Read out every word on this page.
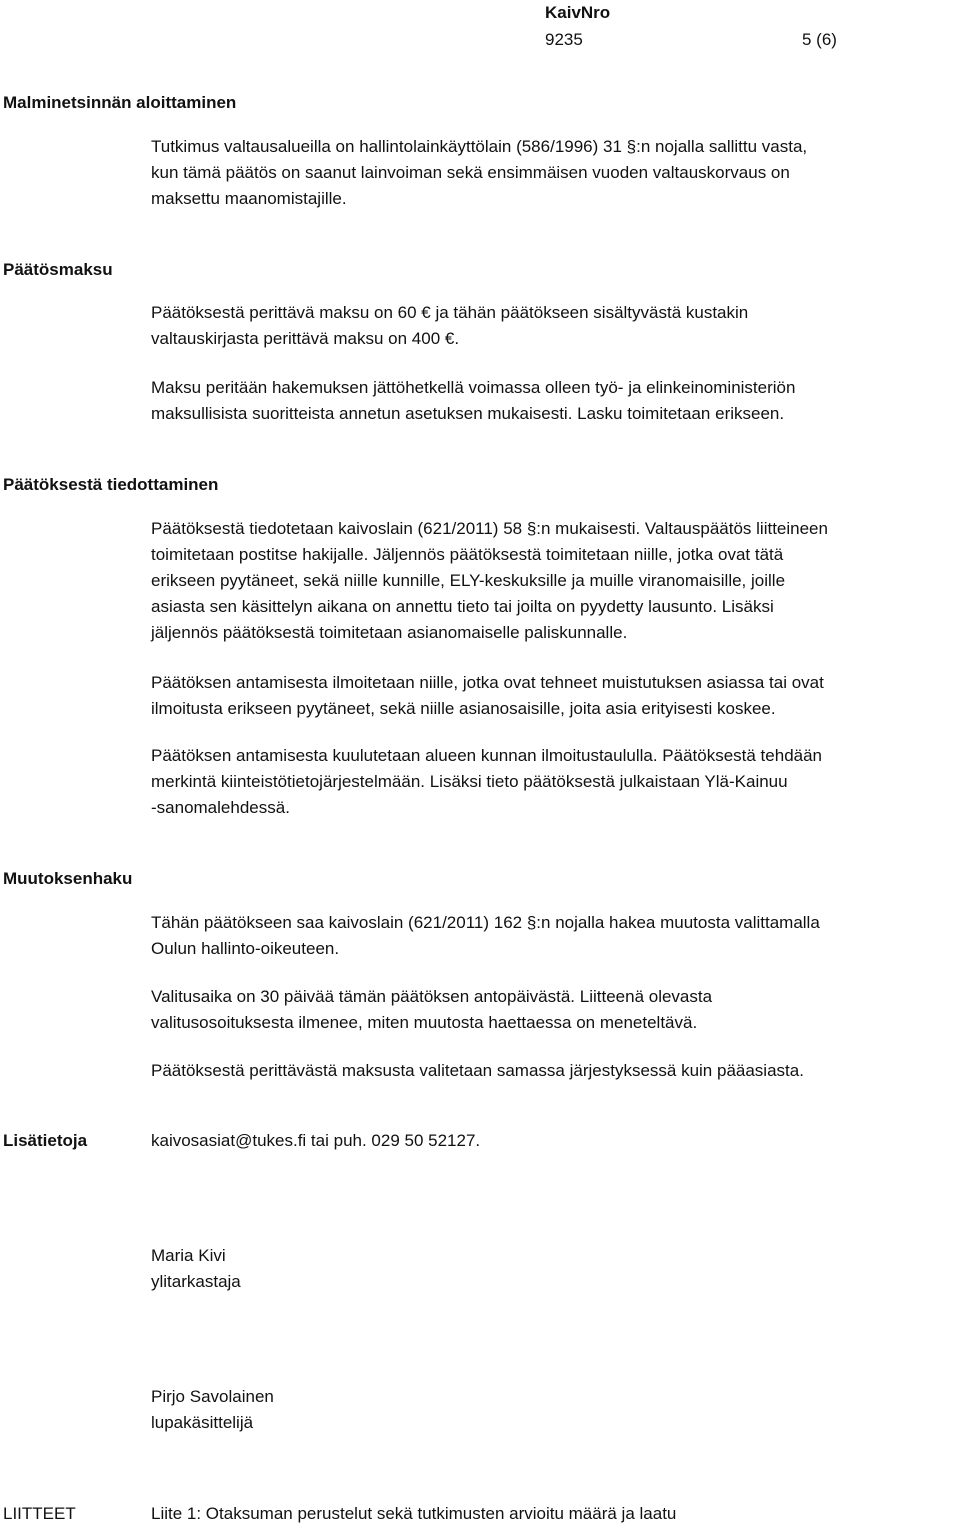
KaivNro
9235	5 (6)
Malminetsinnän aloittaminen
Tutkimus valtausalueilla on hallintolainkäyttölain (586/1996) 31 §:n nojalla sallittu vasta,
kun tämä päätös on saanut lainvoiman sekä ensimmäisen vuoden valtauskorvaus on
maksettu maanomistajille.
Päätösmaksu
Päätöksestä perittävä maksu on 60 € ja tähän päätökseen sisältyvästä kustakin
valtauskirjasta perittävä maksu on 400 €.
Maksu peritään hakemuksen jättöhetkellä voimassa olleen työ- ja elinkeinoministeriön
maksullisista suoritteista annetun asetuksen mukaisesti. Lasku toimitetaan erikseen.
Päätöksestä tiedottaminen
Päätöksestä tiedotetaan kaivoslain (621/2011) 58 §:n mukaisesti. Valtauspäätös liitteineen
toimitetaan postitse hakijalle. Jäljennös päätöksestä toimitetaan niille, jotka ovat tätä
erikseen pyytäneet, sekä niille kunnille, ELY-keskuksille ja muille viranomaisille, joille
asiasta sen käsittelyn aikana on annettu tieto tai joilta on pyydetty lausunto. Lisäksi
jäljennös päätöksestä toimitetaan asianomaiselle paliskunnalle.
Päätöksen antamisesta ilmoitetaan niille, jotka ovat tehneet muistutuksen asiassa tai ovat
ilmoitusta erikseen pyytäneet, sekä niille asianosaisille, joita asia erityisesti koskee.
Päätöksen antamisesta kuulutetaan alueen kunnan ilmoitustaululla. Päätöksestä tehdään
merkintä kiinteistötietojärjestelmään. Lisäksi tieto päätöksestä julkaistaan Ylä-Kainuu
-sanomalehdessä.
Muutoksenhaku
Tähän päätökseen saa kaivoslain (621/2011) 162 §:n nojalla hakea muutosta valittamalla
Oulun hallinto-oikeuteen.
Valitusaika on 30 päivää tämän päätöksen antopäivästä. Liitteenä olevasta
valitusosoituksesta ilmenee, miten muutosta haettaessa on meneteltävä.
Päätöksestä perittävästä maksusta valitetaan samassa järjestyksessä kuin pääasiasta.
Lisätietoja	kaivosasiat@tukes.fi tai puh. 029 50 52127.
Maria Kivi
ylitarkastaja
Pirjo Savolainen
lupakäsittelijä
LIITTEET	Liite 1: Otaksuman perustelut sekä tutkimusten arvioitu määrä ja laatu
